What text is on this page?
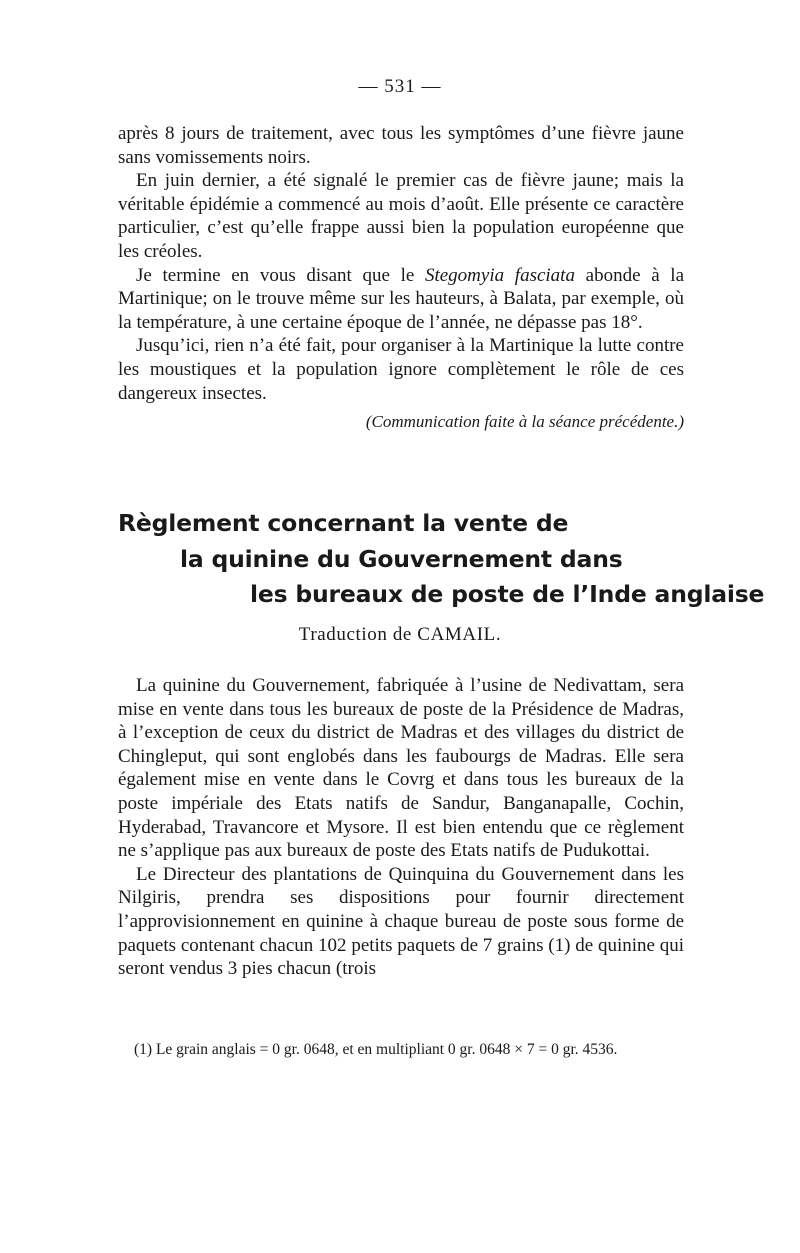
— 531 —

après 8 jours de traitement, avec tous les symptômes d’une fièvre jaune sans vomissements noirs.

En juin dernier, a été signalé le premier cas de fièvre jaune; mais la véritable épidémie a commencé au mois d’août. Elle présente ce caractère particulier, c’est qu’elle frappe aussi bien la population européenne que les créoles.

Je termine en vous disant que le Stegomyia fasciata abonde à la Martinique; on le trouve même sur les hauteurs, à Balata, par exemple, où la température, à une certaine époque de l’année, ne dépasse pas 18°.

Jusqu’ici, rien n’a été fait, pour organiser à la Martinique la lutte contre les moustiques et la population ignore complètement le rôle de ces dangereux insectes.

(Communication faite à la séance précédente.)

Règlement concernant la vente de
la quinine du Gouvernement dans
les bureaux de poste de l’Inde anglaise
Traduction de CAMAIL.

La quinine du Gouvernement, fabriquée à l’usine de Nedivattam, sera mise en vente dans tous les bureaux de poste de la Présidence de Madras, à l’exception de ceux du district de Madras et des villages du district de Chingleput, qui sont englobés dans les faubourgs de Madras. Elle sera également mise en vente dans le Covrg et dans tous les bureaux de la poste impériale des Etats natifs de Sandur, Banganapalle, Cochin, Hyderabad, Travancore et Mysore. Il est bien entendu que ce règlement ne s’applique pas aux bureaux de poste des Etats natifs de Pudukottai.

Le Directeur des plantations de Quinquina du Gouvernement dans les Nilgiris, prendra ses dispositions pour fournir directement l’approvisionnement en quinine à chaque bureau de poste sous forme de paquets contenant chacun 102 petits paquets de 7 grains (1) de quinine qui seront vendus 3 pies chacun (trois

(1) Le grain anglais = 0 gr. 0648, et en multipliant 0 gr. 0648 × 7 = 0 gr. 4536.
